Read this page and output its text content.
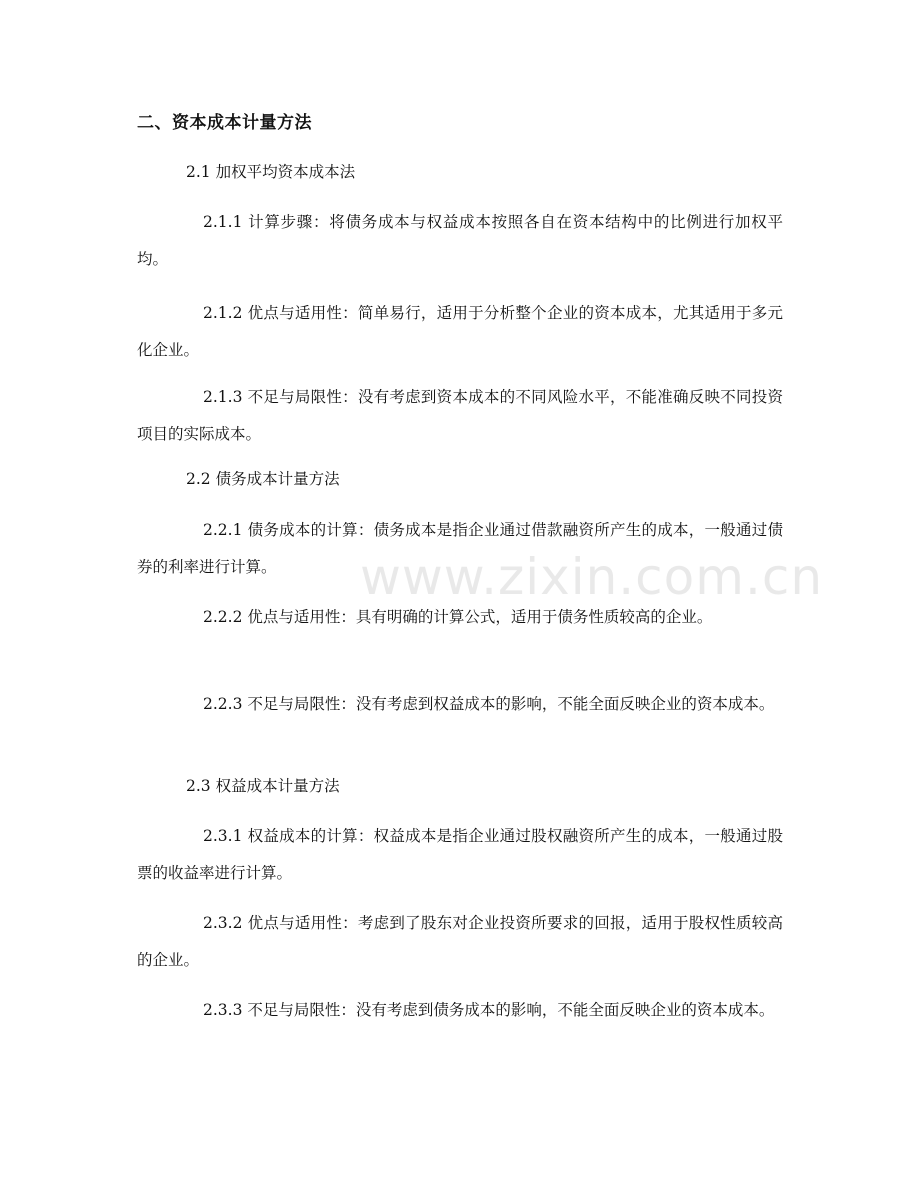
二、资本成本计量方法
2.1 加权平均资本成本法
2.1.1 计算步骤：将债务成本与权益成本按照各自在资本结构中的比例进行加权平均。
2.1.2 优点与适用性：简单易行，适用于分析整个企业的资本成本，尤其适用于多元化企业。
2.1.3 不足与局限性：没有考虑到资本成本的不同风险水平，不能准确反映不同投资项目的实际成本。
2.2 债务成本计量方法
2.2.1 债务成本的计算：债务成本是指企业通过借款融资所产生的成本，一般通过债券的利率进行计算。
2.2.2 优点与适用性：具有明确的计算公式，适用于债务性质较高的企业。
2.2.3 不足与局限性：没有考虑到权益成本的影响，不能全面反映企业的资本成本。
2.3 权益成本计量方法
2.3.1 权益成本的计算：权益成本是指企业通过股权融资所产生的成本，一般通过股票的收益率进行计算。
2.3.2 优点与适用性：考虑到了股东对企业投资所要求的回报，适用于股权性质较高的企业。
2.3.3 不足与局限性：没有考虑到债务成本的影响，不能全面反映企业的资本成本。
www.zixin.com.cn
